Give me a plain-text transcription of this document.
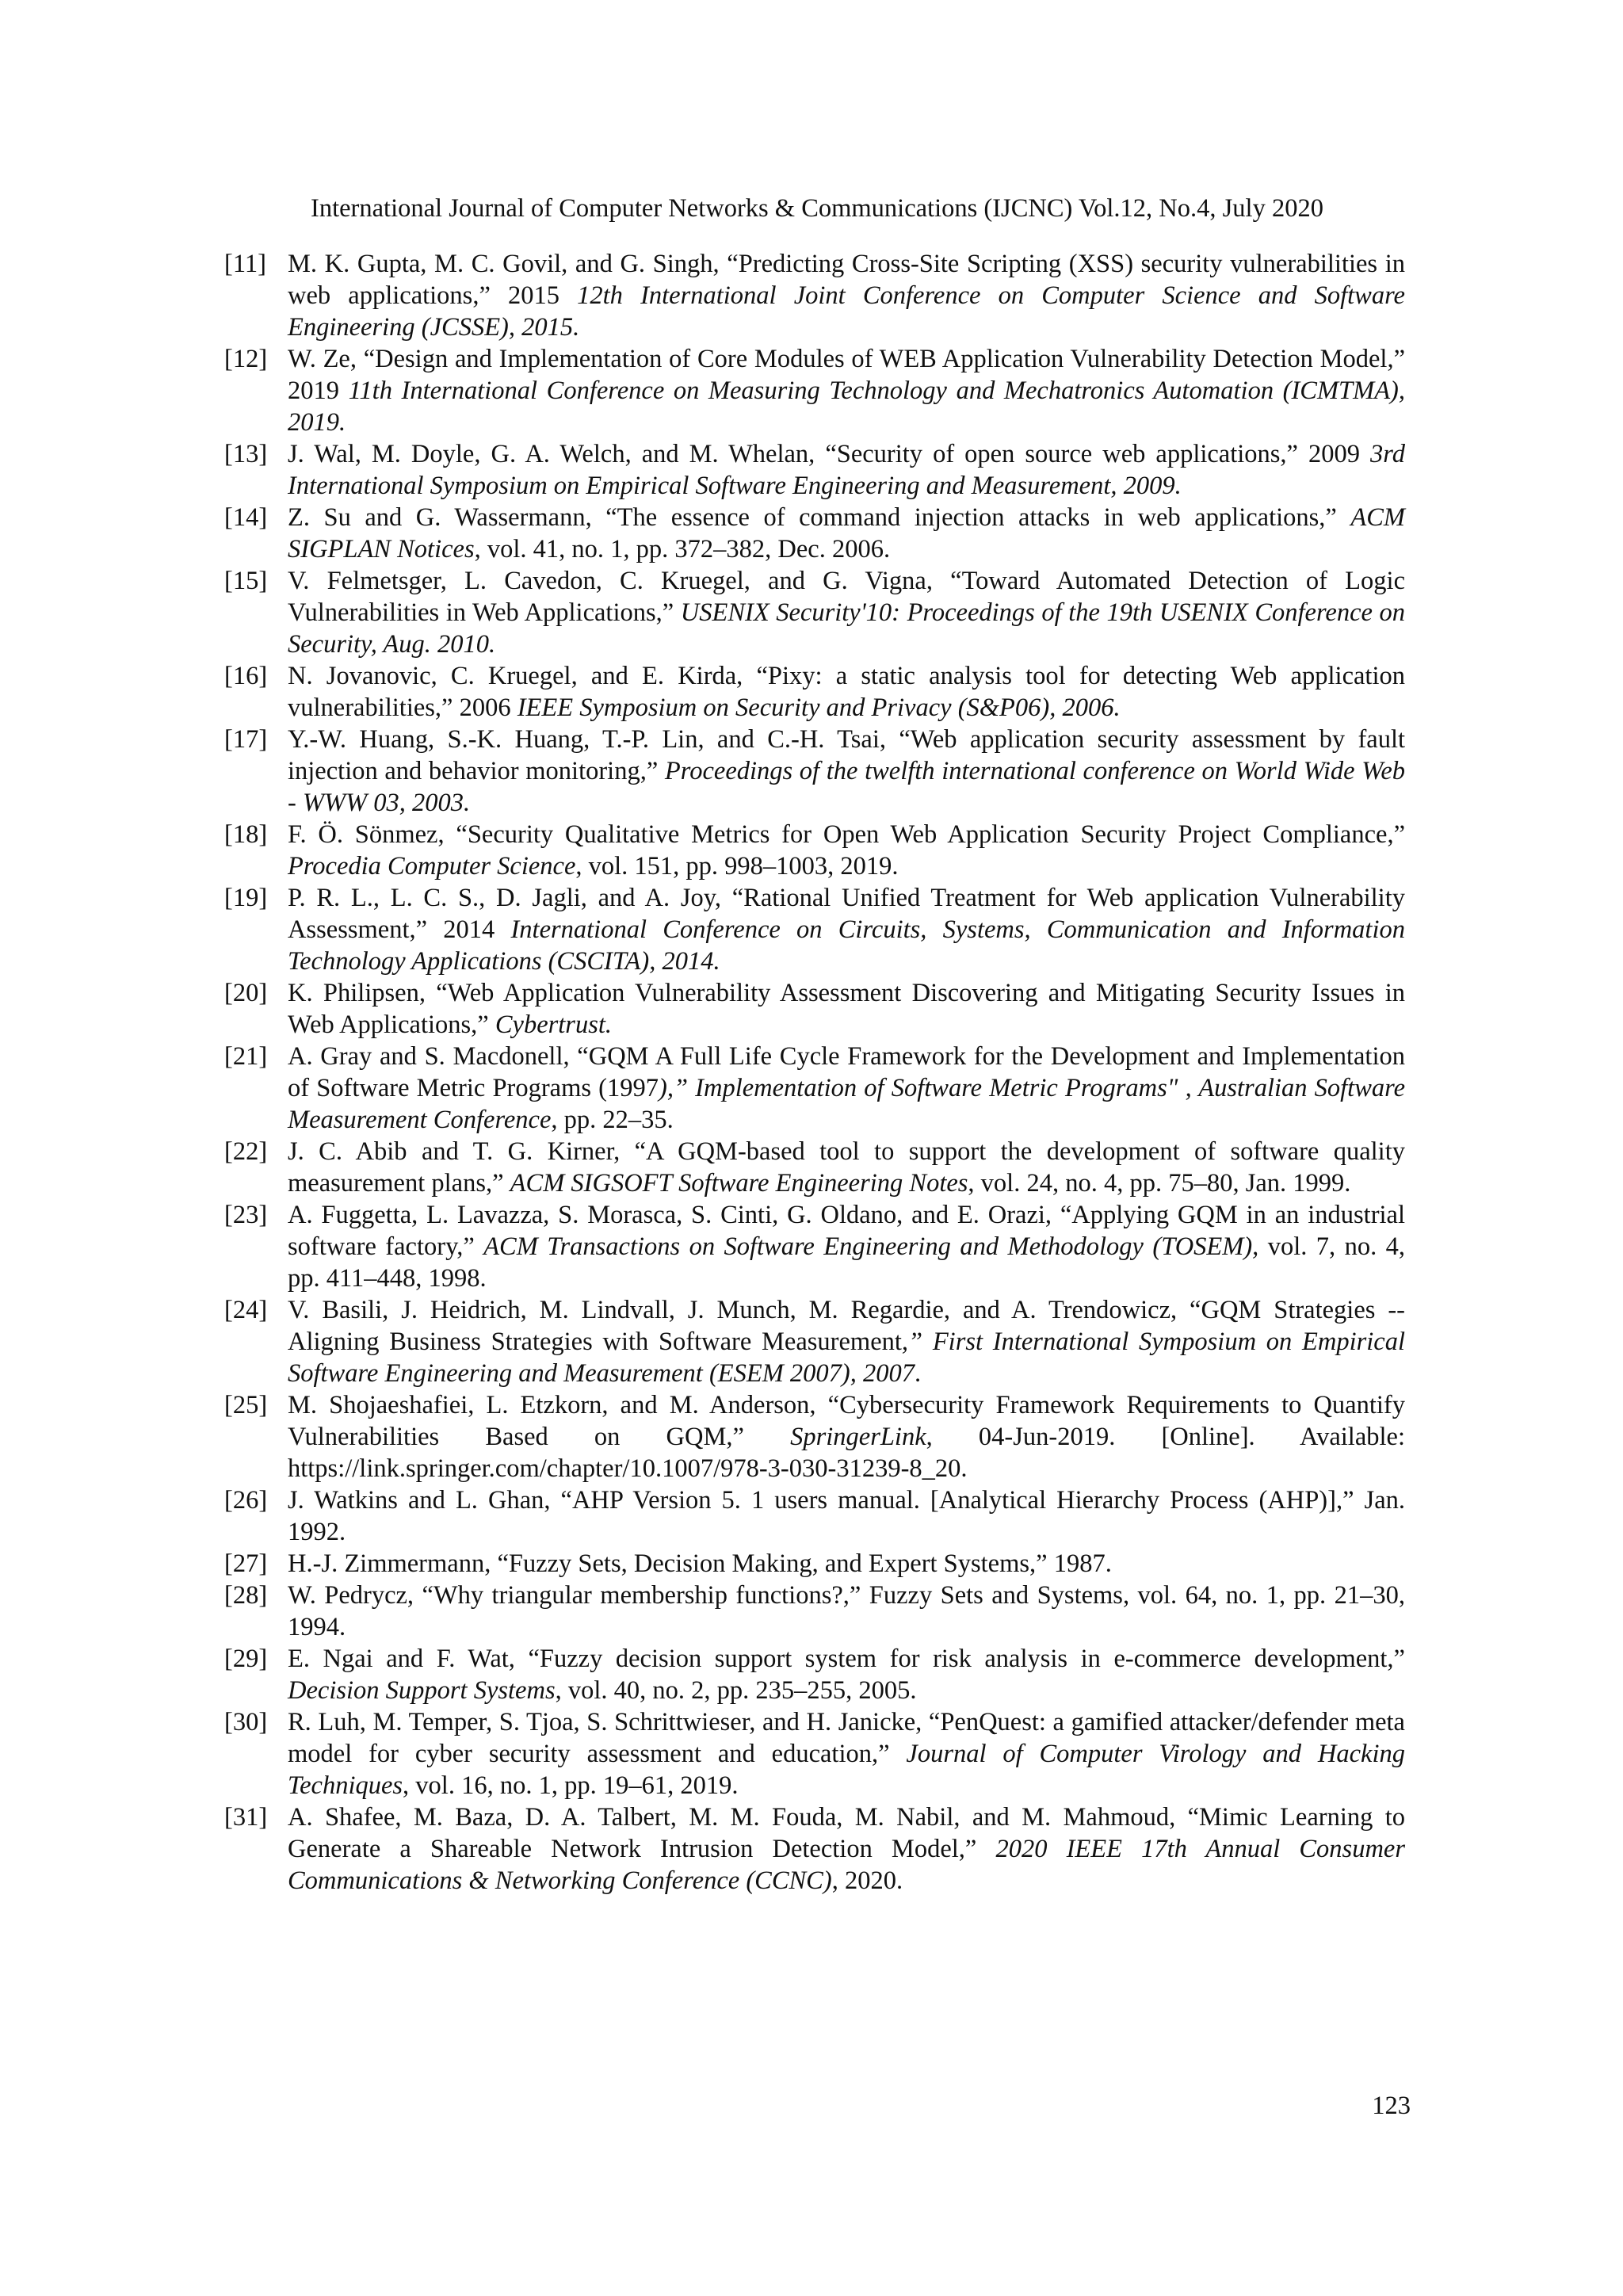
International Journal of Computer Networks & Communications (IJCNC) Vol.12, No.4, July 2020
[11] M. K. Gupta, M. C. Govil, and G. Singh, “Predicting Cross-Site Scripting (XSS) security vulnerabilities in web applications,” 2015 12th International Joint Conference on Computer Science and Software Engineering (JCSSE), 2015.
[12] W. Ze, “Design and Implementation of Core Modules of WEB Application Vulnerability Detection Model,” 2019 11th International Conference on Measuring Technology and Mechatronics Automation (ICMTMA), 2019.
[13] J. Wal, M. Doyle, G. A. Welch, and M. Whelan, “Security of open source web applications,” 2009 3rd International Symposium on Empirical Software Engineering and Measurement, 2009.
[14] Z. Su and G. Wassermann, “The essence of command injection attacks in web applications,” ACM SIGPLAN Notices, vol. 41, no. 1, pp. 372–382, Dec. 2006.
[15] V. Felmetsger, L. Cavedon, C. Kruegel, and G. Vigna, “Toward Automated Detection of Logic Vulnerabilities in Web Applications,” USENIX Security'10: Proceedings of the 19th USENIX Conference on Security, Aug. 2010.
[16] N. Jovanovic, C. Kruegel, and E. Kirda, “Pixy: a static analysis tool for detecting Web application vulnerabilities,” 2006 IEEE Symposium on Security and Privacy (S&P06), 2006.
[17] Y.-W. Huang, S.-K. Huang, T.-P. Lin, and C.-H. Tsai, “Web application security assessment by fault injection and behavior monitoring,” Proceedings of the twelfth international conference on World Wide Web - WWW 03, 2003.
[18] F. Ö. Sönmez, “Security Qualitative Metrics for Open Web Application Security Project Compliance,” Procedia Computer Science, vol. 151, pp. 998–1003, 2019.
[19] P. R. L., L. C. S., D. Jagli, and A. Joy, “Rational Unified Treatment for Web application Vulnerability Assessment,” 2014 International Conference on Circuits, Systems, Communication and Information Technology Applications (CSCITA), 2014.
[20] K. Philipsen, “Web Application Vulnerability Assessment Discovering and Mitigating Security Issues in Web Applications,” Cybertrust.
[21] A. Gray and S. Macdonell, “GQM A Full Life Cycle Framework for the Development and Implementation of Software Metric Programs (1997),” Implementation of Software Metric Programs" , Australian Software Measurement Conference, pp. 22–35.
[22] J. C. Abib and T. G. Kirner, “A GQM-based tool to support the development of software quality measurement plans,” ACM SIGSOFT Software Engineering Notes, vol. 24, no. 4, pp. 75–80, Jan. 1999.
[23] A. Fuggetta, L. Lavazza, S. Morasca, S. Cinti, G. Oldano, and E. Orazi, “Applying GQM in an industrial software factory,” ACM Transactions on Software Engineering and Methodology (TOSEM), vol. 7, no. 4, pp. 411–448, 1998.
[24] V. Basili, J. Heidrich, M. Lindvall, J. Munch, M. Regardie, and A. Trendowicz, “GQM Strategies -- Aligning Business Strategies with Software Measurement,” First International Symposium on Empirical Software Engineering and Measurement (ESEM 2007), 2007.
[25] M. Shojaeshafiei, L. Etzkorn, and M. Anderson, “Cybersecurity Framework Requirements to Quantify Vulnerabilities Based on GQM,” SpringerLink, 04-Jun-2019. [Online]. Available: https://link.springer.com/chapter/10.1007/978-3-030-31239-8_20.
[26] J. Watkins and L. Ghan, “AHP Version 5. 1 users manual. [Analytical Hierarchy Process (AHP)],” Jan. 1992.
[27] H.-J. Zimmermann, “Fuzzy Sets, Decision Making, and Expert Systems,” 1987.
[28] W. Pedrycz, “Why triangular membership functions?,” Fuzzy Sets and Systems, vol. 64, no. 1, pp. 21–30, 1994.
[29] E. Ngai and F. Wat, “Fuzzy decision support system for risk analysis in e-commerce development,” Decision Support Systems, vol. 40, no. 2, pp. 235–255, 2005.
[30] R. Luh, M. Temper, S. Tjoa, S. Schrittwieser, and H. Janicke, “PenQuest: a gamified attacker/defender meta model for cyber security assessment and education,” Journal of Computer Virology and Hacking Techniques, vol. 16, no. 1, pp. 19–61, 2019.
[31] A. Shafee, M. Baza, D. A. Talbert, M. M. Fouda, M. Nabil, and M. Mahmoud, “Mimic Learning to Generate a Shareable Network Intrusion Detection Model,” 2020 IEEE 17th Annual Consumer Communications & Networking Conference (CCNC), 2020.
123
